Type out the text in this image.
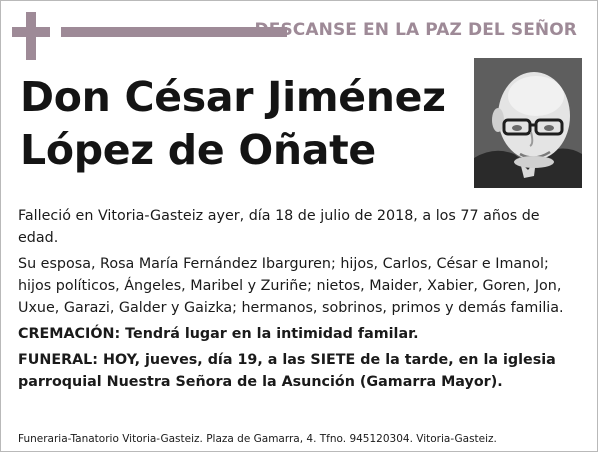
DESCANSE EN LA PAZ DEL SEÑOR
Don César Jiménez
López de Oñate

Falleció en Vitoria-Gasteiz ayer, día 18 de julio de 2018, a los 77 años de edad.

Su esposa, Rosa María Fernández Ibarguren; hijos, Carlos, César e Imanol; hijos políticos, Ángeles, Maribel y Zuriñe; nietos, Maider, Xabier, Goren, Jon, Uxue, Garazi, Galder y Gaizka; hermanos, sobrinos, primos y demás familia.

CREMACIÓN: Tendrá lugar en la intimidad familar.

FUNERAL: HOY, jueves, día 19, a las SIETE de la tarde, en la iglesia parroquial Nuestra Señora de la Asunción (Gamarra Mayor).

Funeraria-Tanatorio Vitoria-Gasteiz. Plaza de Gamarra, 4. Tfno. 945120304. Vitoria-Gasteiz.
